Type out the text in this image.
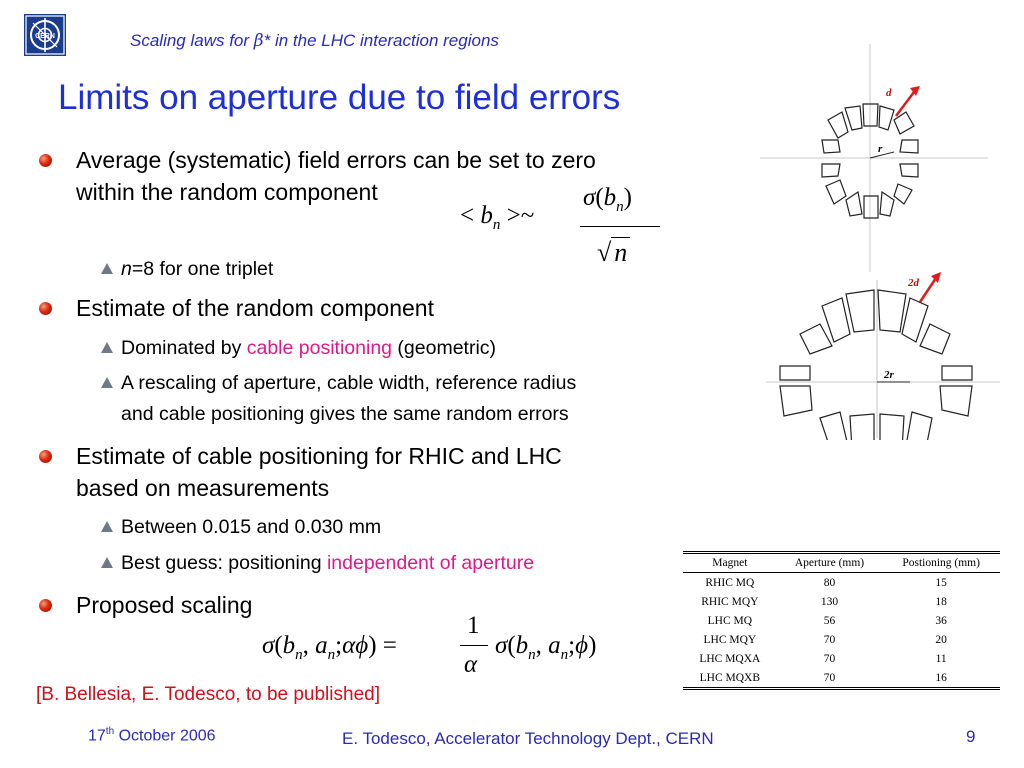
CERN	Scaling laws for β* in the LHC interaction regions
Limits on aperture due to field errors
Average (systematic) field errors can be set to zero
within the random component
< $b_n$ >~
$\sigma(b_n)$
√ n
n=8 for one triplet
Estimate of the random component
Dominated by cable positioning (geometric)
A rescaling of aperture, cable width, reference radius
and cable positioning gives the same random errors
Estimate of cable positioning for RHIC and LHC
based on measurements
Between 0.015 and 0.030 mm
Best guess: positioning independent of aperture
Proposed scaling
$\sigma(b_n$, $a_n;\alpha\phi$) =
1
α
$\sigma(b_n$, $a_n;\phi$)
[B. Bellesia, E. Todesco, to be published]
r
d
2r
2d
Magnet	Aperture (mm)	Postioning (mm)
RHIC MQ	80	15
RHIC MQY	130	18
LHC MQ	56	36
LHC MQY	70	20
LHC MQXA	70	11
LHC MQXB	70	16
17th October 2006	E. Todesco, Accelerator Technology Dept., CERN	9
